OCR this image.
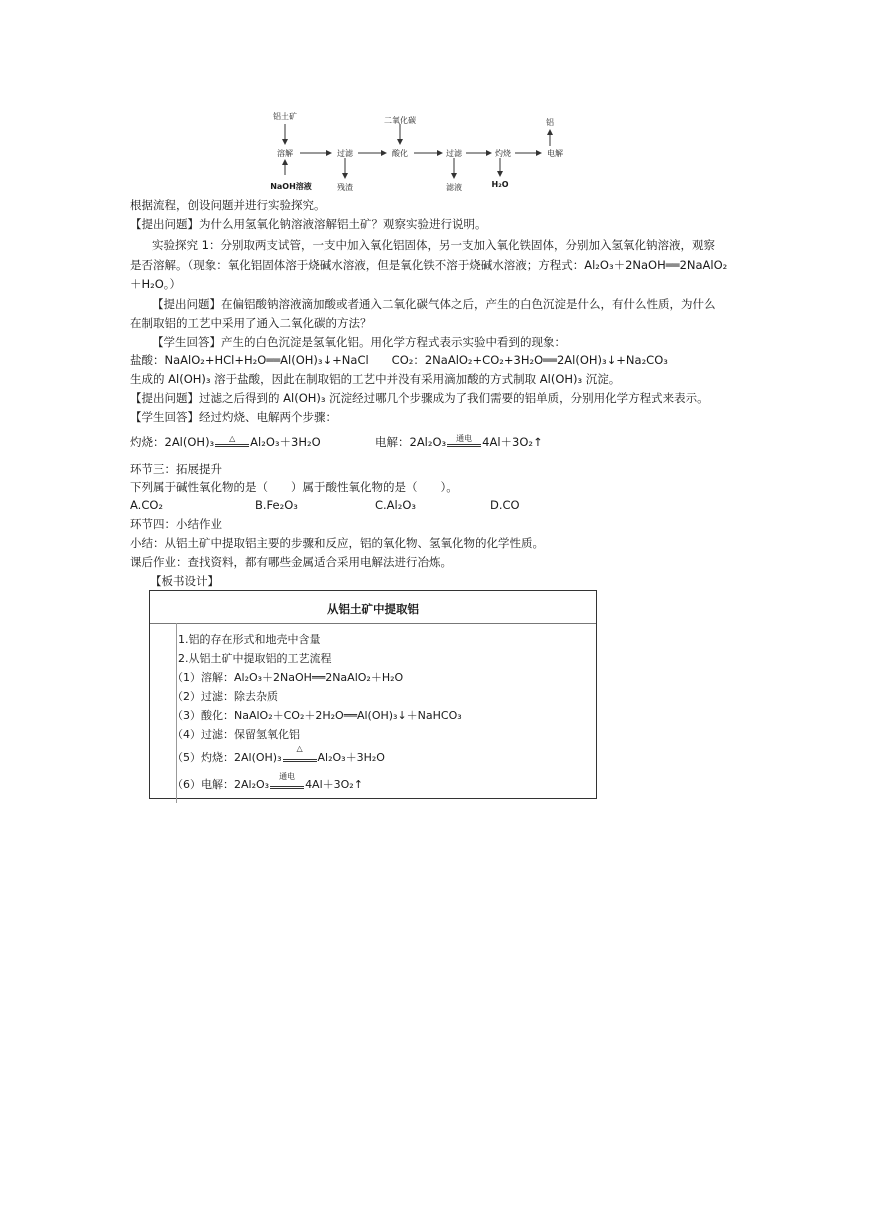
铝土矿
溶解
NaOH溶液
过滤
残渣
二氧化碳
酸化	过滤
滤液
灼烧
H₂O
电解
铝
根据流程，创设问题并进行实验探究。
【提出问题】为什么用氢氧化钠溶液溶解铝土矿？观察实验进行说明。
实验探究 1：分别取两支试管，一支中加入氧化铝固体，另一支加入氧化铁固体，分别加入氢氧化钠溶液，观察
是否溶解。（现象：氧化铝固体溶于烧碱水溶液，但是氧化铁不溶于烧碱水溶液；方程式：Al₂O₃＋2NaOH══2NaAlO₂
＋H₂O。）
【提出问题】在偏铝酸钠溶液滴加酸或者通入二氧化碳气体之后，产生的白色沉淀是什么，有什么性质，为什么
在制取铝的工艺中采用了通入二氧化碳的方法？
【学生回答】产生的白色沉淀是氢氧化铝。用化学方程式表示实验中看到的现象：
盐酸：NaAlO₂+HCl+H₂O══Al(OH)₃↓+NaCl　　CO₂：2NaAlO₂+CO₂+3H₂O══2Al(OH)₃↓+Na₂CO₃
生成的 Al(OH)₃ 溶于盐酸，因此在制取铝的工艺中并没有采用滴加酸的方式制取 Al(OH)₃ 沉淀。
【提出问题】过滤之后得到的 Al(OH)₃ 沉淀经过哪几个步骤成为了我们需要的铝单质，分别用化学方程式来表示。
【学生回答】经过灼烧、电解两个步骤：
灼烧：2Al(OH)₃	△	Al₂O₃＋3H₂O	电解：2Al₂O₃	通电 4Al＋3O₂↑
环节三：拓展提升
下列属于碱性氧化物的是（　　）属于酸性氧化物的是（　　）。
A.CO₂	B.Fe₂O₃	C.Al₂O₃	D.CO
环节四：小结作业
小结：从铝土矿中提取铝主要的步骤和反应，铝的氧化物、氢氧化物的化学性质。
课后作业：查找资料，都有哪些金属适合采用电解法进行冶炼。
【板书设计】
从铝土矿中提取铝
1.铝的存在形式和地壳中含量
2.从铝土矿中提取铝的工艺流程
（1）溶解：Al₂O₃＋2NaOH══2NaAlO₂＋H₂O
（2）过滤：除去杂质
（3）酸化：NaAlO₂＋CO₂＋2H₂O══Al(OH)₃↓＋NaHCO₃
（4）过滤：保留氢氧化铝
（5）灼烧：2Al(OH)₃
△
Al₂O₃＋3H₂O
（6）电解：2Al₂O₃
通电
4Al＋3O₂↑
